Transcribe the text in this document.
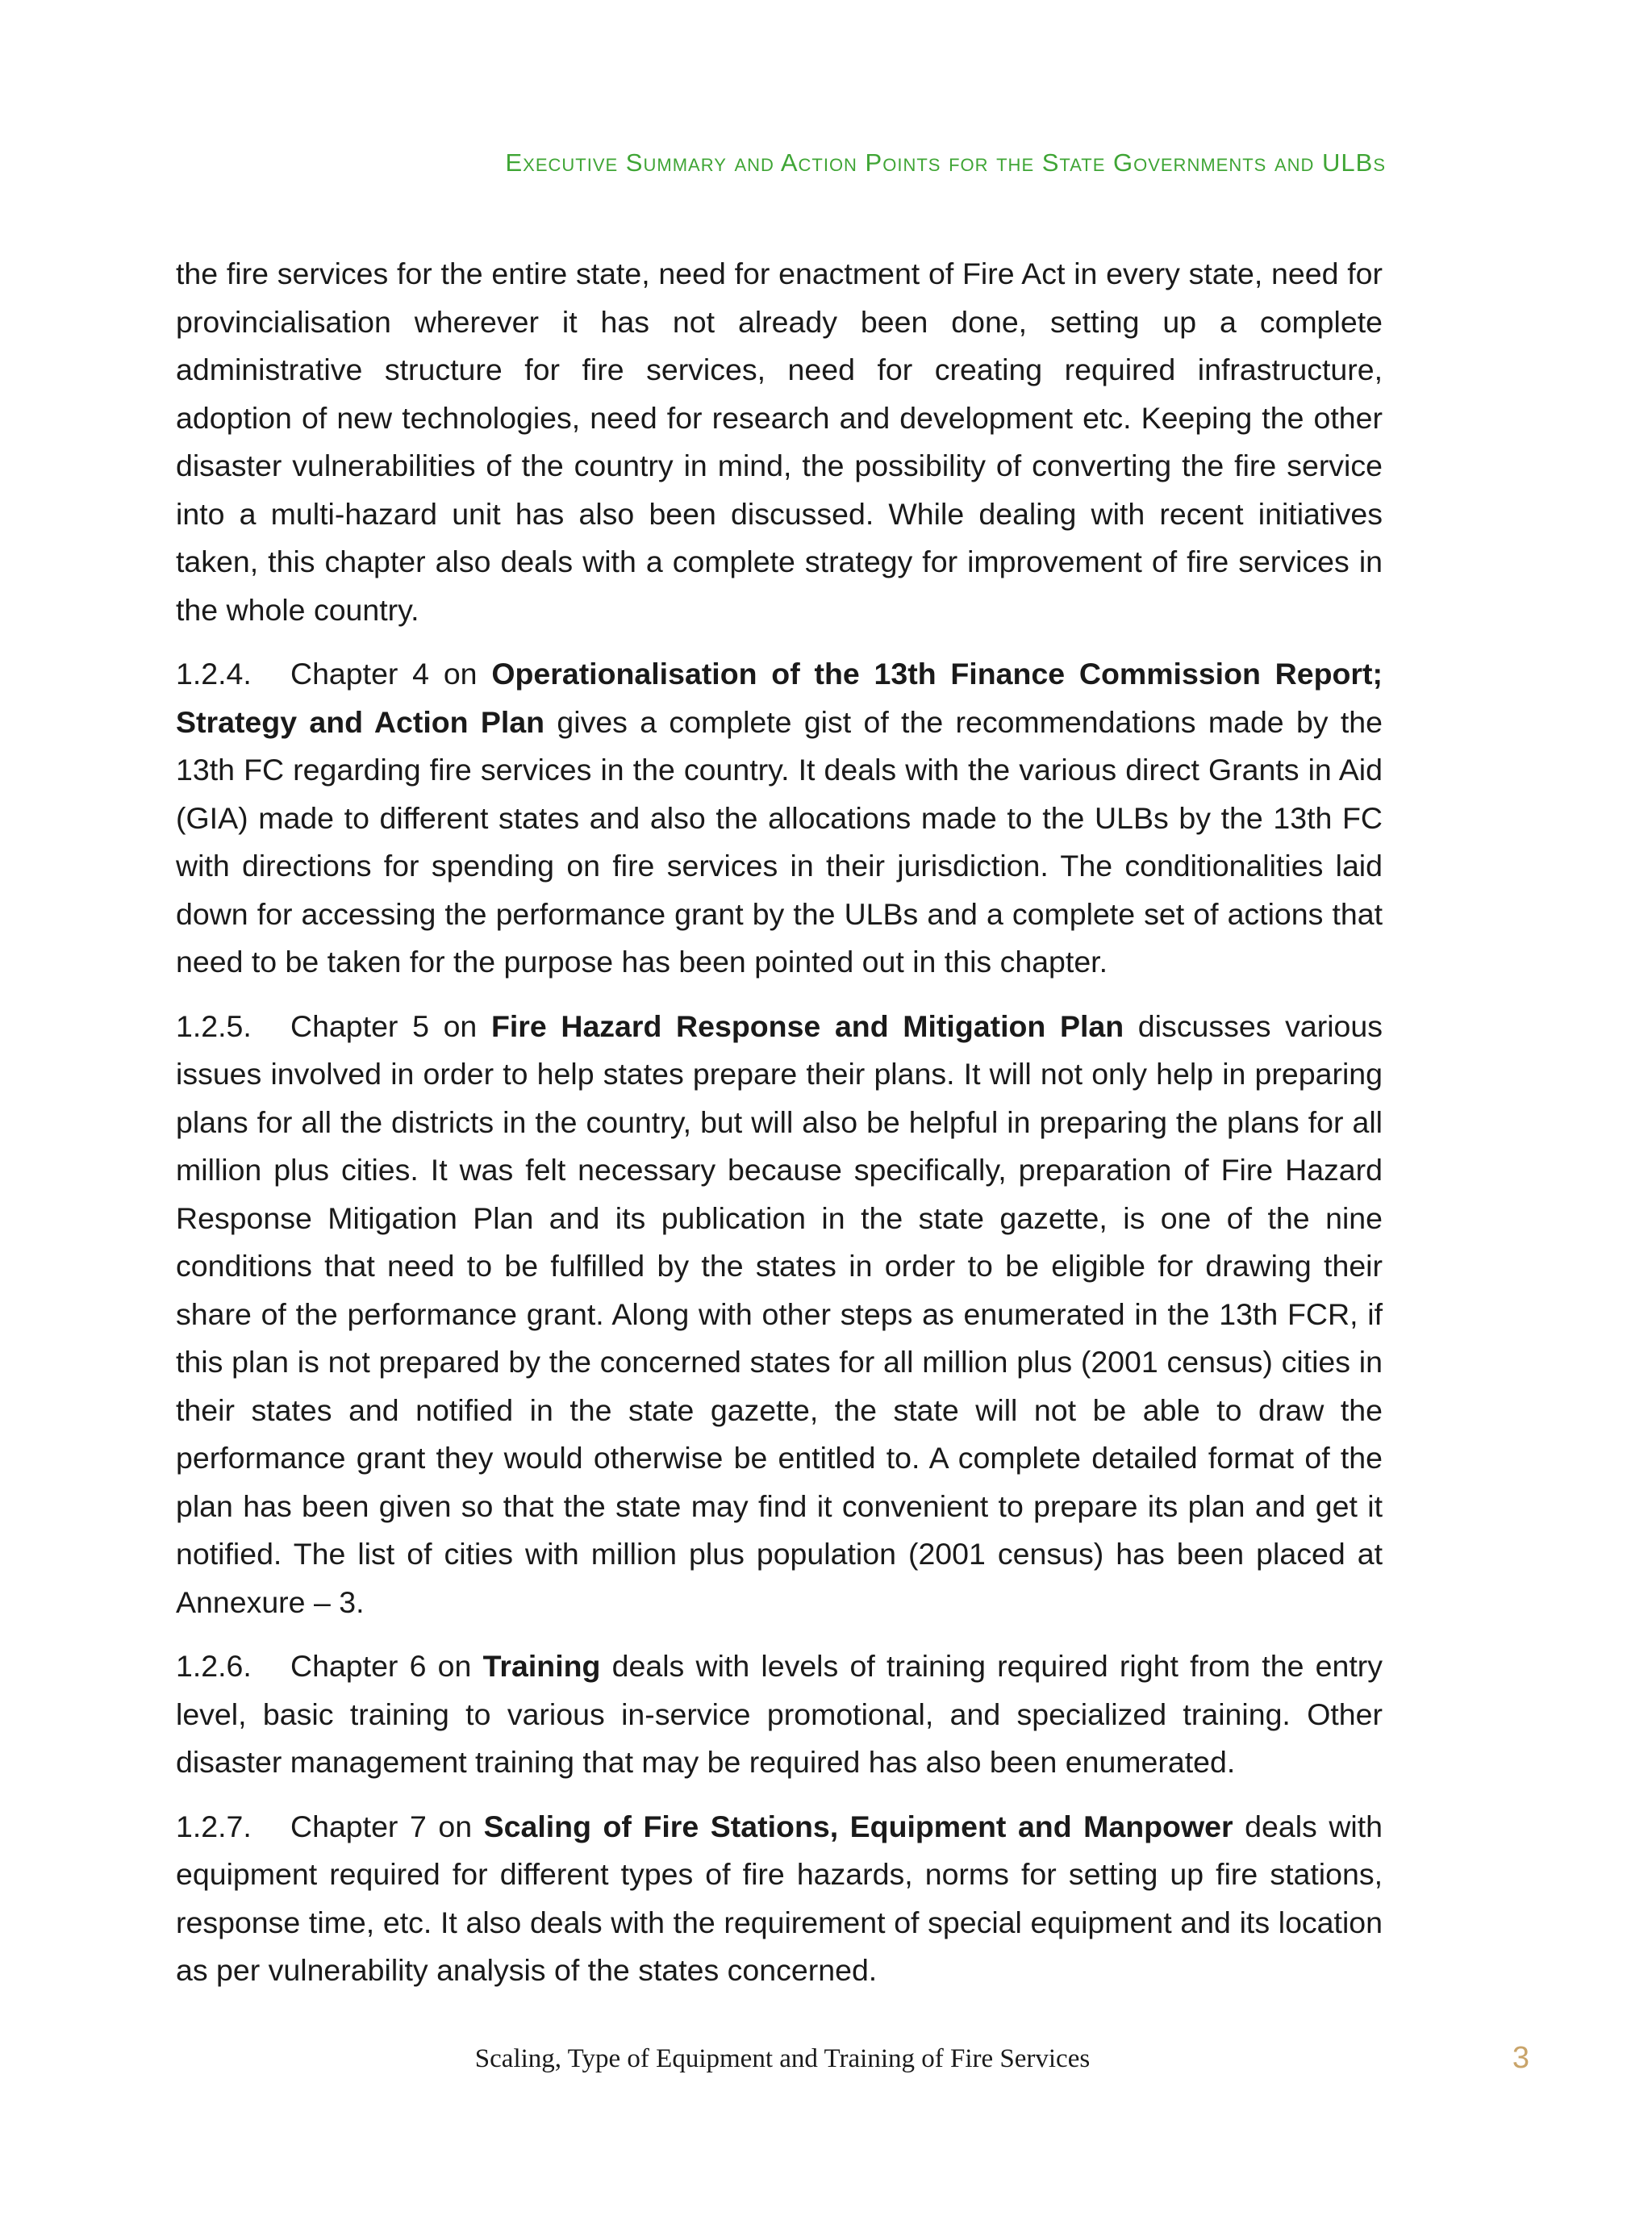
Executive Summary and Action Points for the State Governments and ULBs

the fire services for the entire state, need for enactment of Fire Act in every state, need for provincialisation wherever it has not already been done, setting up a complete administrative structure for fire services, need for creating required infrastructure, adoption of new technologies, need for research and development etc. Keeping the other disaster vulnerabilities of the country in mind, the possibility of converting the fire service into a multi-hazard unit has also been discussed. While dealing with recent initiatives taken, this chapter also deals with a complete strategy for improvement of fire services in the whole country.

1.2.4. Chapter 4 on Operationalisation of the 13th Finance Commission Report; Strategy and Action Plan gives a complete gist of the recommendations made by the 13th FC regarding fire services in the country. It deals with the various direct Grants in Aid (GIA) made to different states and also the allocations made to the ULBs by the 13th FC with directions for spending on fire services in their jurisdiction. The conditionalities laid down for accessing the performance grant by the ULBs and a complete set of actions that need to be taken for the purpose has been pointed out in this chapter.

1.2.5. Chapter 5 on Fire Hazard Response and Mitigation Plan discusses various issues involved in order to help states prepare their plans. It will not only help in preparing plans for all the districts in the country, but will also be helpful in preparing the plans for all million plus cities. It was felt necessary because specifically, preparation of Fire Hazard Response Mitigation Plan and its publication in the state gazette, is one of the nine conditions that need to be fulfilled by the states in order to be eligible for drawing their share of the performance grant. Along with other steps as enumerated in the 13th FCR, if this plan is not prepared by the concerned states for all million plus (2001 census) cities in their states and notified in the state gazette, the state will not be able to draw the performance grant they would otherwise be entitled to. A complete detailed format of the plan has been given so that the state may find it convenient to prepare its plan and get it notified. The list of cities with million plus population (2001 census) has been placed at Annexure – 3.

1.2.6. Chapter 6 on Training deals with levels of training required right from the entry level, basic training to various in-service promotional, and specialized training. Other disaster management training that may be required has also been enumerated.

1.2.7. Chapter 7 on Scaling of Fire Stations, Equipment and Manpower deals with equipment required for different types of fire hazards, norms for setting up fire stations, response time, etc. It also deals with the requirement of special equipment and its location as per vulnerability analysis of the states concerned.

Scaling, Type of Equipment and Training of Fire Services	3
